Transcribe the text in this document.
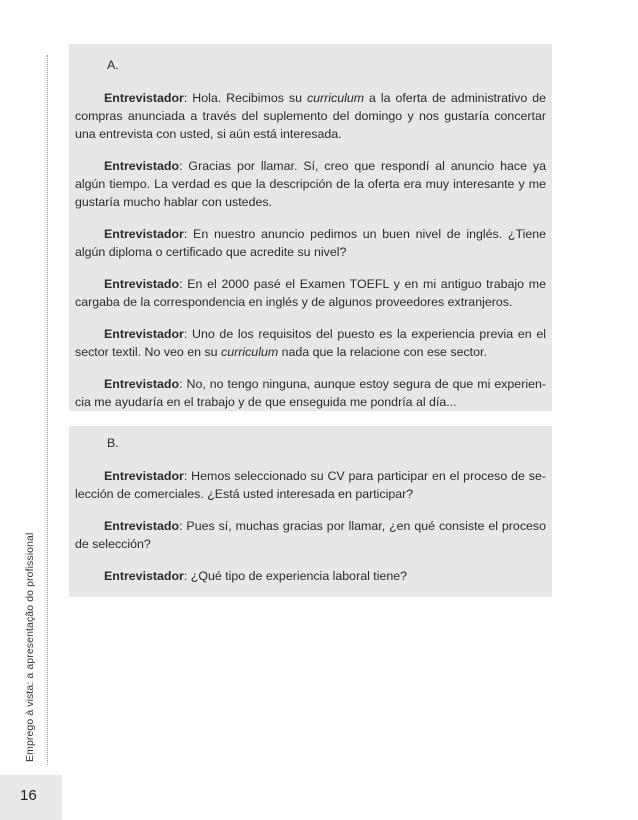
Emprego à vista: a apresentação do profissional
16

A.

Entrevistador: Hola. Recibimos su curriculum a la oferta de administrativo de compras anunciada a través del suplemento del domingo y nos gustaría concertar una entrevista con usted, si aún está interesada.

Entrevistado: Gracias por llamar. Sí, creo que respondí al anuncio hace ya algún tiempo. La verdad es que la descripción de la oferta era muy interesante y me gustaría mucho hablar con ustedes.

Entrevistador: En nuestro anuncio pedimos un buen nivel de inglés. ¿Tiene algún diploma o certificado que acredite su nivel?

Entrevistado: En el 2000 pasé el Examen TOEFL y en mi antiguo trabajo me cargaba de la correspondencia en inglés y de algunos proveedores extranjeros.

Entrevistador: Uno de los requisitos del puesto es la experiencia previa en el sector textil. No veo en su curriculum nada que la relacione con ese sector.

Entrevistado: No, no tengo ninguna, aunque estoy segura de que mi experien-cia me ayudaría en el trabajo y de que enseguida me pondría al día...

B.

Entrevistador: Hemos seleccionado su CV para participar en el proceso de se-lección de comerciales. ¿Está usted interesada en participar?

Entrevistado: Pues sí, muchas gracias por llamar, ¿en qué consiste el proceso de selección?

Entrevistador: ¿Qué tipo de experiencia laboral tiene?
